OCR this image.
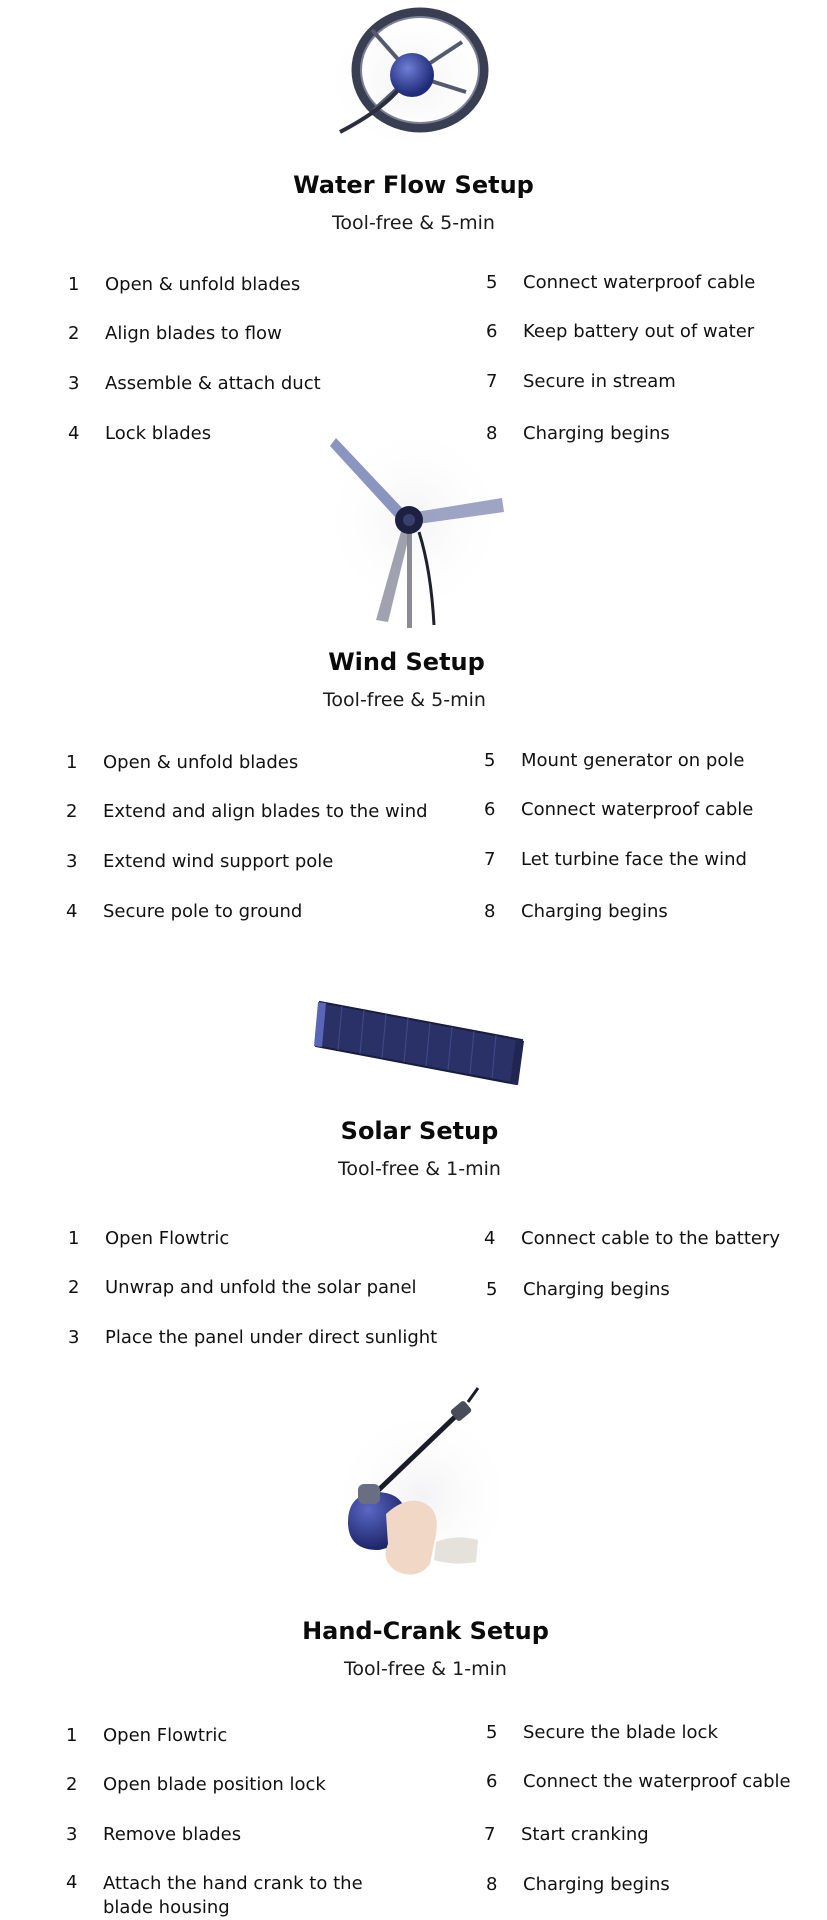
Water Flow Setup
Tool-free & 5-min
1	Open & unfold blades
2	Align blades to flow
3	Assemble & attach duct
4	Lock blades
5	Connect waterproof cable
6	Keep battery out of water
7	Secure in stream
8	Charging begins
Wind Setup
Tool-free & 5-min
1	Open & unfold blades
2	Extend and align blades to the wind
3	Extend wind support pole
4	Secure pole to ground
5	Mount generator on pole
6	Connect waterproof cable
7	Let turbine face the wind
8	Charging begins
Solar Setup
Tool-free & 1-min
1	Open Flowtric
2	Unwrap and unfold the solar panel
3	Place the panel under direct sunlight
4	Connect cable to the battery
5	Charging begins
Hand-Crank Setup
Tool-free & 1-min
1	Open Flowtric
2	Open blade position lock
3	Remove blades
4	Attach the hand crank to the blade housing
5	Secure the blade lock
6	Connect the waterproof cable
7	Start cranking
8	Charging begins
